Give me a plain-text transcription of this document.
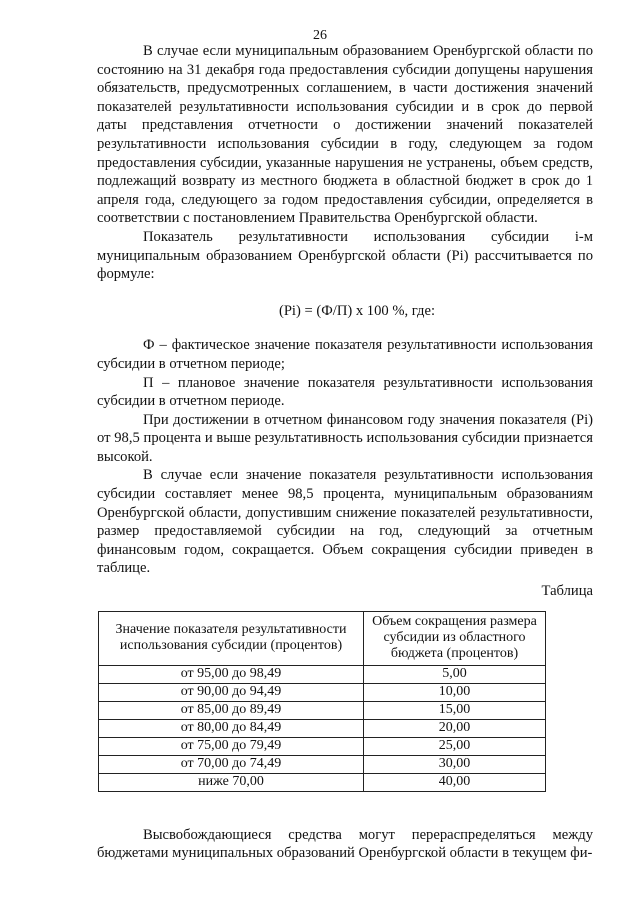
26

В случае если муниципальным образованием Оренбургской области по состоянию на 31 декабря года предоставления субсидии допущены нарушения обязательств, предусмотренных соглашением, в части достижения значений показателей результативности использования субсидии и в срок до первой даты представления отчетности о достижении значений показателей результативности использования субсидии в году, следующем за годом предоставления субсидии, указанные нарушения не устранены, объем средств, подлежащий возврату из местного бюджета в областной бюджет в срок до 1 апреля года, следующего за годом предоставления субсидии, определяется в соответствии с постановлением Правительства Оренбургской области.

Показатель результативности использования субсидии i-м муниципальным образованием Оренбургской области (Pi) рассчитывается по формуле:

(Pi) = (Ф/П) x 100 %, где:

Ф – фактическое значение показателя результативности использования субсидии в отчетном периоде;

П – плановое значение показателя результативности использования субсидии в отчетном периоде.

При достижении в отчетном финансовом году значения показателя (Pi) от 98,5 процента и выше результативность использования субсидии признается высокой.

В случае если значение показателя результативности использования субсидии составляет менее 98,5 процента, муниципальным образованиям Оренбургской области, допустившим снижение показателей результативности, размер предоставляемой субсидии на год, следующий за отчетным финансовым годом, сокращается. Объем сокращения субсидии приведен в таблице.

Таблица
Значение показателя результативности использования субсидии (процентов)	Объем сокращения размера субсидии из областного бюджета (процентов)
от 95,00 до 98,49	5,00
от 90,00 до 94,49	10,00
от 85,00 до 89,49	15,00
от 80,00 до 84,49	20,00
от 75,00 до 79,49	25,00
от 70,00 до 74,49	30,00
ниже 70,00	40,00

Высвобождающиеся средства могут перераспределяться между бюджетами муниципальных образований Оренбургской области в текущем фи-
